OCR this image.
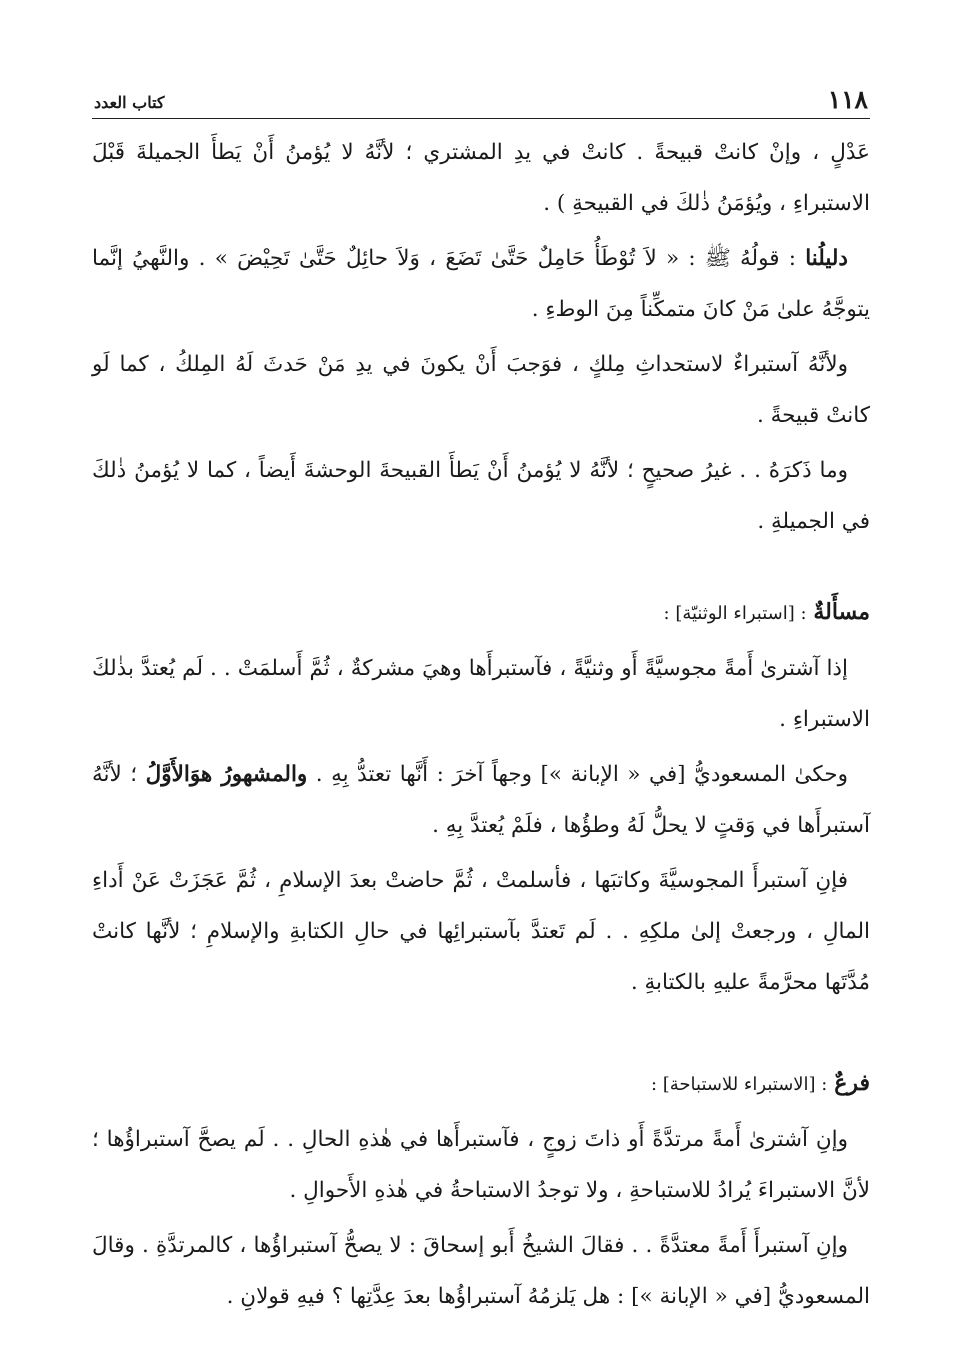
١١٨
كتاب العدد

عَدْلٍ ، وإنْ كانتْ قبيحةً . كانتْ في يدِ المشتري ؛ لأنَّهُ لا يُؤمنُ أَنْ يَطأَ الجميلةَ قَبْلَ الاستبراءِ ، ويُؤمَنُ ذٰلكَ في القبيحةِ ) .

دليلُنا : قولُهُ ﷺ : « لاَ تُوْطَأُ حَامِلٌ حَتَّىٰ تَضَعَ ، وَلاَ حائِلٌ حَتَّىٰ تَحِيْضَ » . والنَّهيُ إنَّما يتوجَّهُ علىٰ مَنْ كانَ متمكِّناً مِنَ الوطءِ .

ولأنَّهُ آستبراءٌ لاستحداثِ مِلكٍ ، فوَجبَ أَنْ يكونَ في يدِ مَنْ حَدثَ لَهُ المِلكُ ، كما لَو كانتْ قبيحةً .

وما ذَكرَهُ . . غيرُ صحيحٍ ؛ لأنَّهُ لا يُؤمنُ أَنْ يَطأَ القبيحةَ الوحشةَ أَيضاً ، كما لا يُؤمنُ ذٰلكَ في الجميلةِ .

مسأَلةٌ : [استبراء الوثنيّة] :

إذا آشترىٰ أَمةً مجوسيَّةً أَو وثنيَّةً ، فآستبرأَها وهيَ مشركةٌ ، ثُمَّ أَسلمَتْ . . لَم يُعتدَّ بذٰلكَ الاستبراءِ .

وحكىٰ المسعوديُّ [في « الإبانة »] وجهاً آخرَ : أَنَّها تعتدُّ بِهِ . والمشهورُ هوَالأَوَّلُ ؛ لأنَّهُ آستبرأَها في وَقتٍ لا يحلُّ لَهُ وطؤُها ، فلَمْ يُعتدَّ بِهِ .

فإنِ آستبرأَ المجوسيَّةَ وكاتبَها ، فأسلمتْ ، ثُمَّ حاضتْ بعدَ الإسلامِ ، ثُمَّ عَجَزَتْ عَنْ أَداءِ المالِ ، ورجعتْ إلىٰ ملكِهِ . . لَم تَعتدَّ بآستبرائِها في حالِ الكتابةِ والإسلامِ ؛ لأنَّها كانتْ مُدَّتَها محرَّمةً عليهِ بالكتابةِ .

فرعٌ : [الاستبراء للاستباحة] :

وإنِ آشترىٰ أَمةً مرتدَّةً أَو ذاتَ زوجٍ ، فآستبرأَها في هٰذهِ الحالِ . . لَم يصحَّ آستبراؤُها ؛ لأنَّ الاستبراءَ يُرادُ للاستباحةِ ، ولا توجدُ الاستباحةُ في هٰذهِ الأَحوالِ .

وإنِ آستبرأَ أَمةً معتدَّةً . . فقالَ الشيخُ أَبو إسحاقَ : لا يصحُّ آستبراؤُها ، كالمرتدَّةِ . وقالَ المسعوديُّ [في « الإبانة »] : هل يَلزمُهُ آستبراؤُها بعدَ عِدَّتِها ؟ فيهِ قولانِ .
